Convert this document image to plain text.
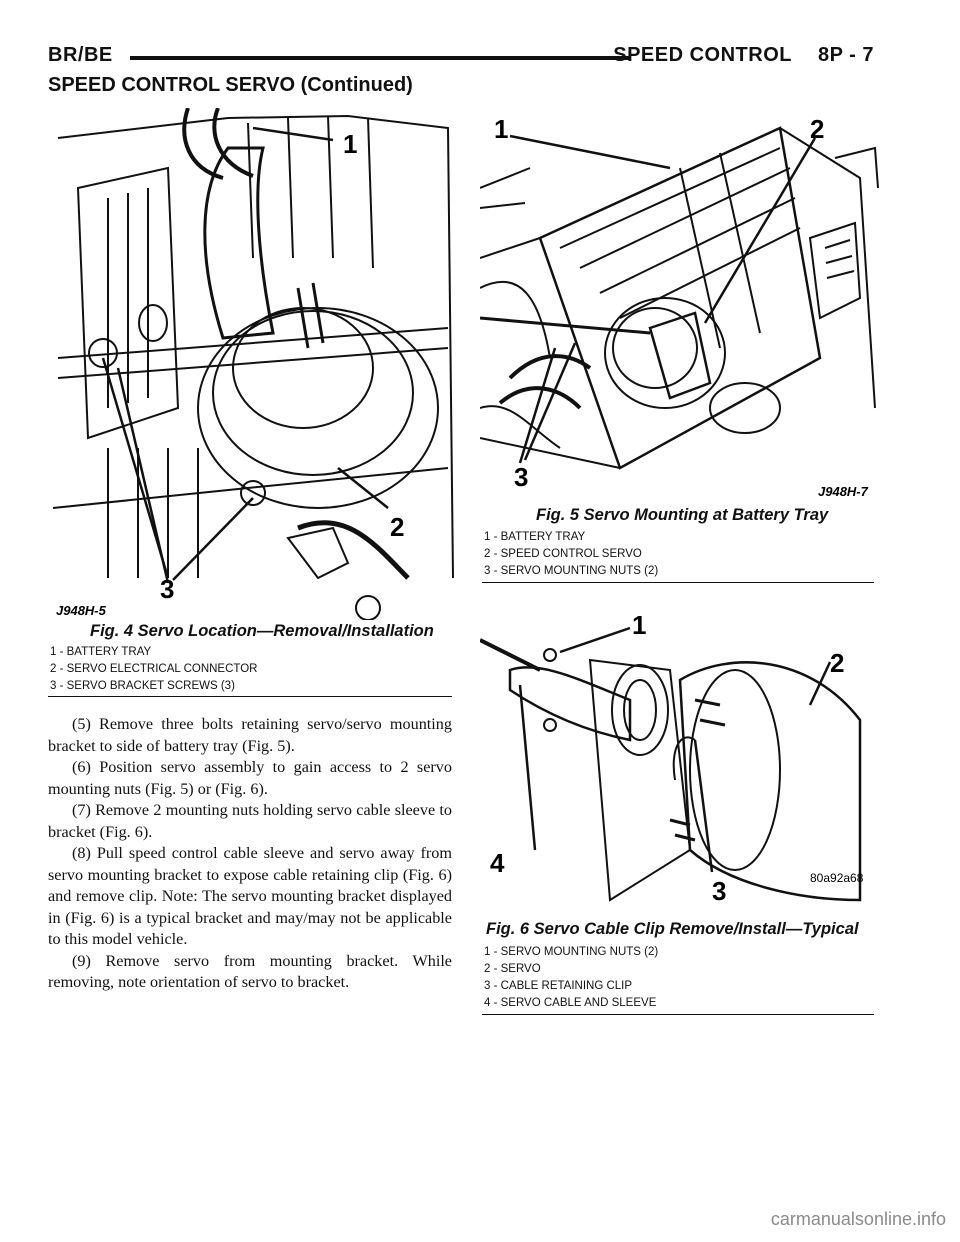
BR/BE	SPEED CONTROL 8P - 7
SPEED CONTROL SERVO (Continued)
1
2
3
J948H-5
Fig. 4 Servo Location—Removal/Installation
1 - BATTERY TRAY
2 - SERVO ELECTRICAL CONNECTOR
3 - SERVO BRACKET SCREWS (3)

(5) Remove three bolts retaining servo/servo mounting bracket to side of battery tray (Fig. 5).

(6) Position servo assembly to gain access to 2 servo mounting nuts (Fig. 5) or (Fig. 6).

(7) Remove 2 mounting nuts holding servo cable sleeve to bracket (Fig. 6).

(8) Pull speed control cable sleeve and servo away from servo mounting bracket to expose cable retaining clip (Fig. 6) and remove clip. Note: The servo mounting bracket displayed in (Fig. 6) is a typical bracket and may/may not be applicable to this model vehicle.

(9) Remove servo from mounting bracket. While removing, note orientation of servo to bracket.

1	2
3	J948H-7
Fig. 5 Servo Mounting at Battery Tray
1 - BATTERY TRAY
2 - SPEED CONTROL SERVO
3 - SERVO MOUNTING NUTS (2)
1
2
3
4	80a92a68
Fig. 6 Servo Cable Clip Remove/Install—Typical
1 - SERVO MOUNTING NUTS (2)
2 - SERVO
3 - CABLE RETAINING CLIP
4 - SERVO CABLE AND SLEEVE
carmanualsonline.info
